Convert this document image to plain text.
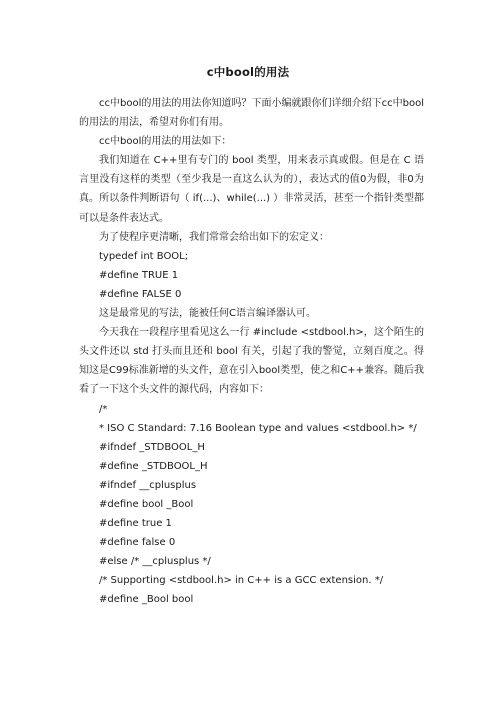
c中bool的用法

cc中bool的用法的用法你知道吗？下面小编就跟你们详细介绍下cc中bool的用法的用法，希望对你们有用。

cc中bool的用法的用法如下：

我们知道在 C++里有专门的 bool 类型，用来表示真或假。但是在 C 语言里没有这样的类型（至少我是一直这么认为的），表达式的值0为假，非0为真。所以条件判断语句（ if(...)、while(...) ）非常灵活，甚至一个指针类型都可以是条件表达式。

为了使程序更清晰，我们常常会给出如下的宏定义：

typedef int BOOL;
#define TRUE 1
#define FALSE 0

这是最常见的写法，能被任何C语言编译器认可。

今天我在一段程序里看见这么一行 #include <stdbool.h>，这个陌生的头文件还以 std 打头而且还和 bool 有关，引起了我的警觉，立刻百度之。得知这是C99标准新增的头文件，意在引入bool类型，使之和C++兼容。随后我看了一下这个头文件的源代码，内容如下：

/*
* ISO C Standard: 7.16 Boolean type and values <stdbool.h> */
#ifndef _STDBOOL_H
#define _STDBOOL_H
#ifndef __cplusplus
#define bool _Bool
#define true 1
#define false 0
#else /* __cplusplus */
/* Supporting <stdbool.h> in C++ is a GCC extension. */
#define _Bool bool
